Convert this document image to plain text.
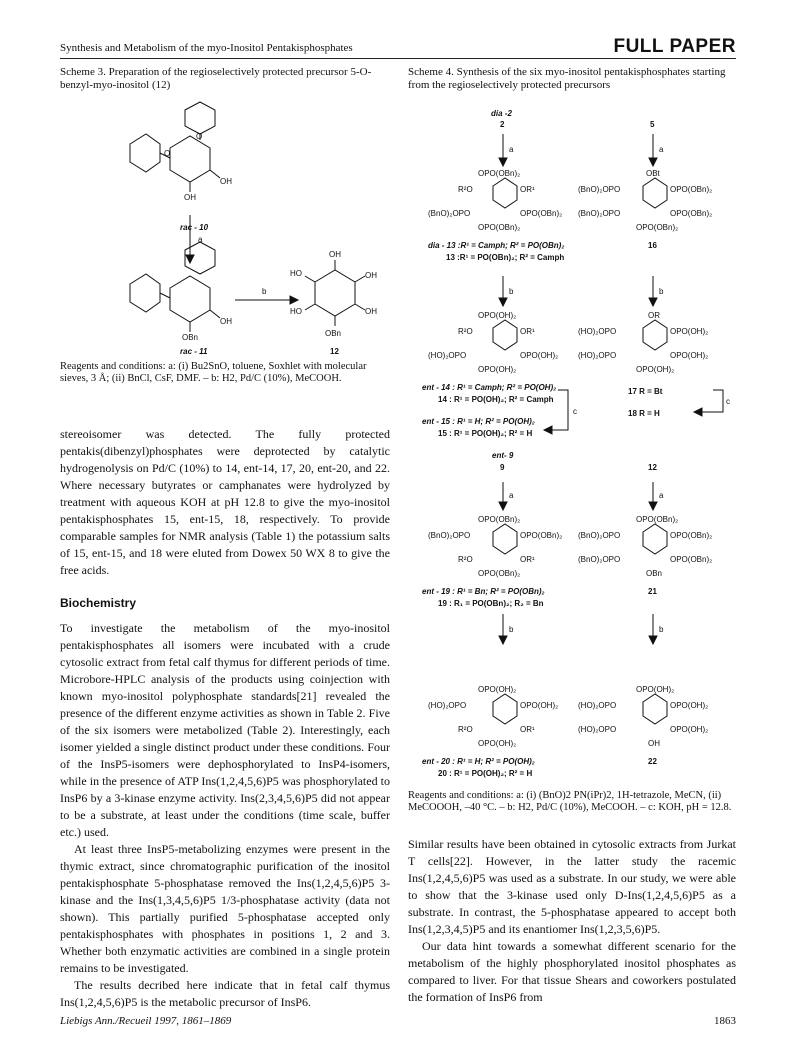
Synthesis and Metabolism of the myo-Inositol Pentakisphosphates	FULL PAPER
Scheme 3. Preparation of the regioselectively protected precursor 5-O-benzyl-myo-inositol (12)
Scheme 4. Synthesis of the six myo-inositol pentakisphosphates starting from the regioselectively protected precursors
O
O
OH
OH
rac - 10
a
OH
OBn
rac - 11
b
OH
HO	OH
HO	OH
OBn
12
Reagents and conditions: a: (i) Bu2SnO, toluene, Soxhlet with molecular sieves, 3 Å; (ii) BnCl, CsF, DMF. – b: H2, Pd/C (10%), MeCOOH.
dia -2
2	5
a	a
OPO(OBn)₂
R²O	OR¹
(BnO)₂OPO	OPO(OBn)₂
OPO(OBn)₂
dia - 13 :R¹ = Camph; R² = PO(OBn)₂
13 :R¹ = PO(OBn)₂; R² = Camph
OBt
(BnO)₂OPO	OPO(OBn)₂
(BnO)₂OPO	OPO(OBn)₂
OPO(OBn)₂
16
b	b
OPO(OH)₂
R²O	OR¹
(HO)₂OPO	OPO(OH)₂
OPO(OH)₂
ent - 14 : R¹ = Camph; R² = PO(OH)₂
14 : R¹ = PO(OH)₂; R² = Camph
OR
(HO)₂OPO	OPO(OH)₂
(HO)₂OPO	OPO(OH)₂
OPO(OH)₂
17 R = Bt
18 R = H
c
c
ent - 15 : R¹ = H; R² = PO(OH)₂
15 : R¹ = PO(OH)₂; R² = H
ent- 9
9	12
a	a
OPO(OBn)₂
(BnO)₂OPO	OPO(OBn)₂
R²O	OR¹
OPO(OBn)₂
ent - 19 : R¹ = Bn; R² = PO(OBn)₂
19 : R₁ = PO(OBn)₂; R₂ = Bn
OPO(OBn)₂
(BnO)₂OPO	OPO(OBn)₂
(BnO)₂OPO	OPO(OBn)₂
OBn
21
b	b
OPO(OH)₂
(HO)₂OPO	OPO(OH)₂
R²O	OR¹
OPO(OH)₂
ent - 20 : R¹ = H; R² = PO(OH)₂
20 : R¹ = PO(OH)₂; R² = H
OPO(OH)₂
(HO)₂OPO	OPO(OH)₂
(HO)₂OPO	OPO(OH)₂
OH
22
Reagents and conditions: a: (i) (BnO)2 PN(iPr)2, 1H-tetrazole, MeCN, (ii) MeCOOOH, –40 °C. – b: H2, Pd/C (10%), MeCOOH. – c: KOH, pH = 12.8.

stereoisomer was detected. The fully protected pentakis(dibenzyl)phosphates were deprotected by catalytic hydrogenolysis on Pd/C (10%) to 14, ent-14, 17, 20, ent-20, and 22. Where necessary butyrates or camphanates were hydrolyzed by treatment with aqueous KOH at pH 12.8 to give the myo-inositol pentakisphosphates 15, ent-15, 18, respectively. To provide comparable samples for NMR analysis (Table 1) the potassium salts of 15, ent-15, and 18 were eluted from Dowex 50 WX 8 to give the free acids.

Biochemistry

To investigate the metabolism of the myo-inositol pentakisphosphates all isomers were incubated with a crude cytosolic extract from fetal calf thymus for different periods of time. Microbore-HPLC analysis of the products using coinjection with known myo-inositol polyphosphate standards[21] revealed the presence of the different enzyme activities as shown in Table 2. Five of the six isomers were metabolized (Table 2). Interestingly, each isomer yielded a single distinct product under these conditions. Four of the InsP5-isomers were dephosphorylated to InsP4-isomers, while in the presence of ATP Ins(1,2,4,5,6)P5 was phosphorylated to InsP6 by a 3-kinase enzyme activity. Ins(2,3,4,5,6)P5 did not appear to be a substrate, at least under the conditions (time scale, buffer etc.) used.

At least three InsP5-metabolizing enzymes were present in the thymic extract, since chromatographic purification of the inositol pentakisphosphate 5-phosphatase removed the Ins(1,2,4,5,6)P5 3-kinase and the Ins(1,3,4,5,6)P5 1/3-phosphatase activity (data not shown). This partially purified 5-phosphatase accepted only pentakisphosphates with phosphates in positions 1, 2 and 3. Whether both enzymatic activities are combined in a single protein remains to be investigated.

The results decribed here indicate that in fetal calf thymus Ins(1,2,4,5,6)P5 is the metabolic precursor of InsP6.

Similar results have been obtained in cytosolic extracts from Jurkat T cells[22]. However, in the latter study the racemic Ins(1,2,4,5,6)P5 was used as a substrate. In our study, we were able to show that the 3-kinase used only D-Ins(1,2,4,5,6)P5 as a substrate. In contrast, the 5-phosphatase appeared to accept both Ins(1,2,3,4,5)P5 and its enantiomer Ins(1,2,3,5,6)P5.

Our data hint towards a somewhat different scenario for the metabolism of the highly phosphorylated inositol phosphates as compared to liver. For that tissue Shears and coworkers postulated the formation of InsP6 from

Liebigs Ann./Recueil 1997, 1861–1869	1863
